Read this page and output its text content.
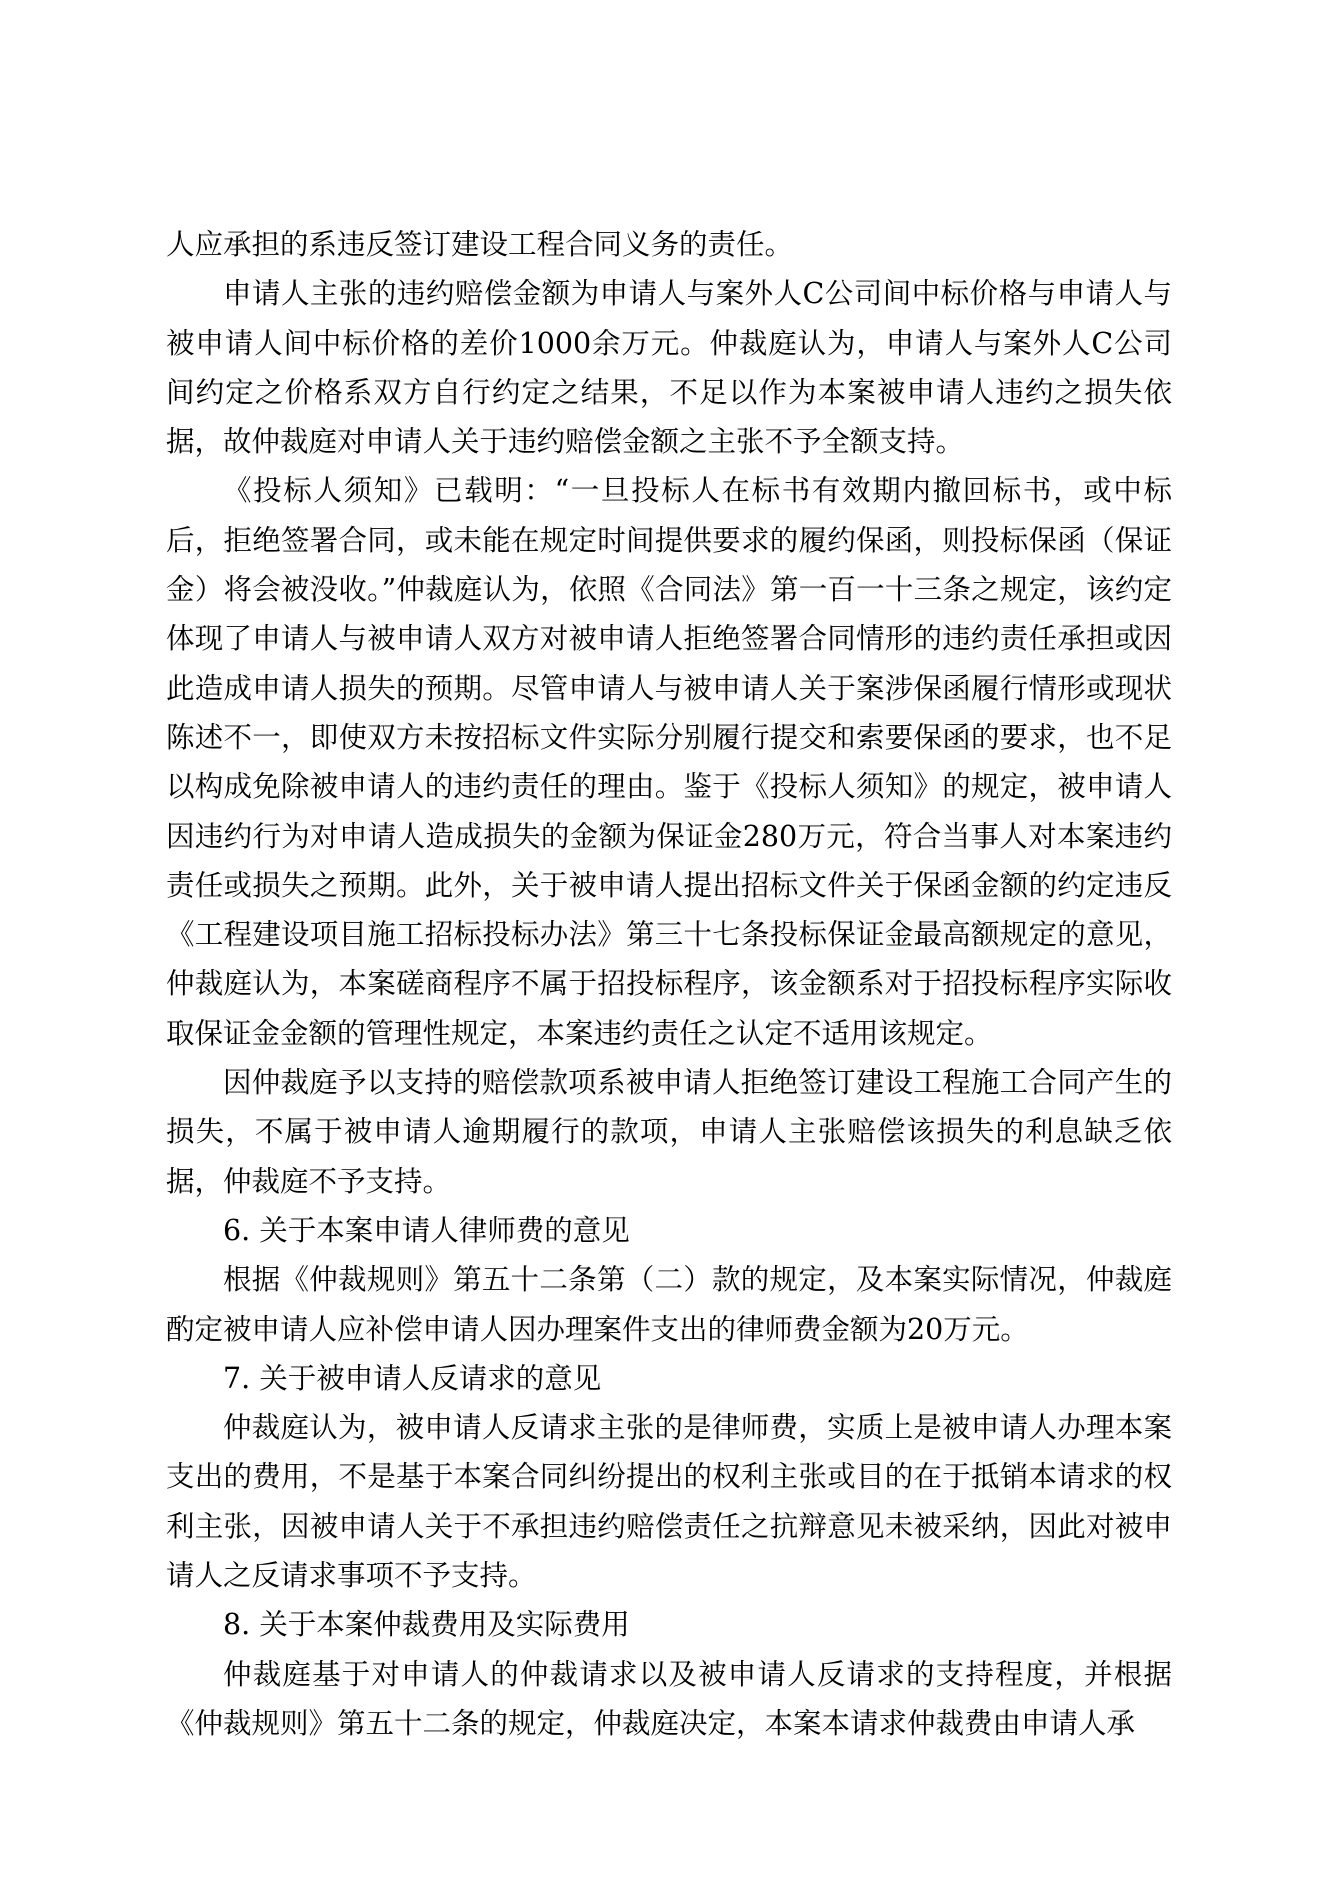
人应承担的系违反签订建设工程合同义务的责任。

申请人主张的违约赔偿金额为申请人与案外人C公司间中标价格与申请人与被申请人间中标价格的差价1000余万元。仲裁庭认为，申请人与案外人C公司间约定之价格系双方自行约定之结果，不足以作为本案被申请人违约之损失依据，故仲裁庭对申请人关于违约赔偿金额之主张不予全额支持。

《投标人须知》已载明：“一旦投标人在标书有效期内撤回标书，或中标后，拒绝签署合同，或未能在规定时间提供要求的履约保函，则投标保函（保证金）将会被没收。”仲裁庭认为，依照《合同法》第一百一十三条之规定，该约定体现了申请人与被申请人双方对被申请人拒绝签署合同情形的违约责任承担或因此造成申请人损失的预期。尽管申请人与被申请人关于案涉保函履行情形或现状陈述不一，即使双方未按招标文件实际分别履行提交和索要保函的要求，也不足以构成免除被申请人的违约责任的理由。鉴于《投标人须知》的规定，被申请人因违约行为对申请人造成损失的金额为保证金280万元，符合当事人对本案违约责任或损失之预期。此外，关于被申请人提出招标文件关于保函金额的约定违反《工程建设项目施工招标投标办法》第三十七条投标保证金最高额规定的意见，仲裁庭认为，本案磋商程序不属于招投标程序，该金额系对于招投标程序实际收取保证金金额的管理性规定，本案违约责任之认定不适用该规定。

因仲裁庭予以支持的赔偿款项系被申请人拒绝签订建设工程施工合同产生的损失，不属于被申请人逾期履行的款项，申请人主张赔偿该损失的利息缺乏依据，仲裁庭不予支持。

6. 关于本案申请人律师费的意见

根据《仲裁规则》第五十二条第（二）款的规定，及本案实际情况，仲裁庭酌定被申请人应补偿申请人因办理案件支出的律师费金额为20万元。

7. 关于被申请人反请求的意见

仲裁庭认为，被申请人反请求主张的是律师费，实质上是被申请人办理本案支出的费用，不是基于本案合同纠纷提出的权利主张或目的在于抵销本请求的权利主张，因被申请人关于不承担违约赔偿责任之抗辩意见未被采纳，因此对被申请人之反请求事项不予支持。

8. 关于本案仲裁费用及实际费用

仲裁庭基于对申请人的仲裁请求以及被申请人反请求的支持程度，并根据《仲裁规则》第五十二条的规定，仲裁庭决定，本案本请求仲裁费由申请人承
